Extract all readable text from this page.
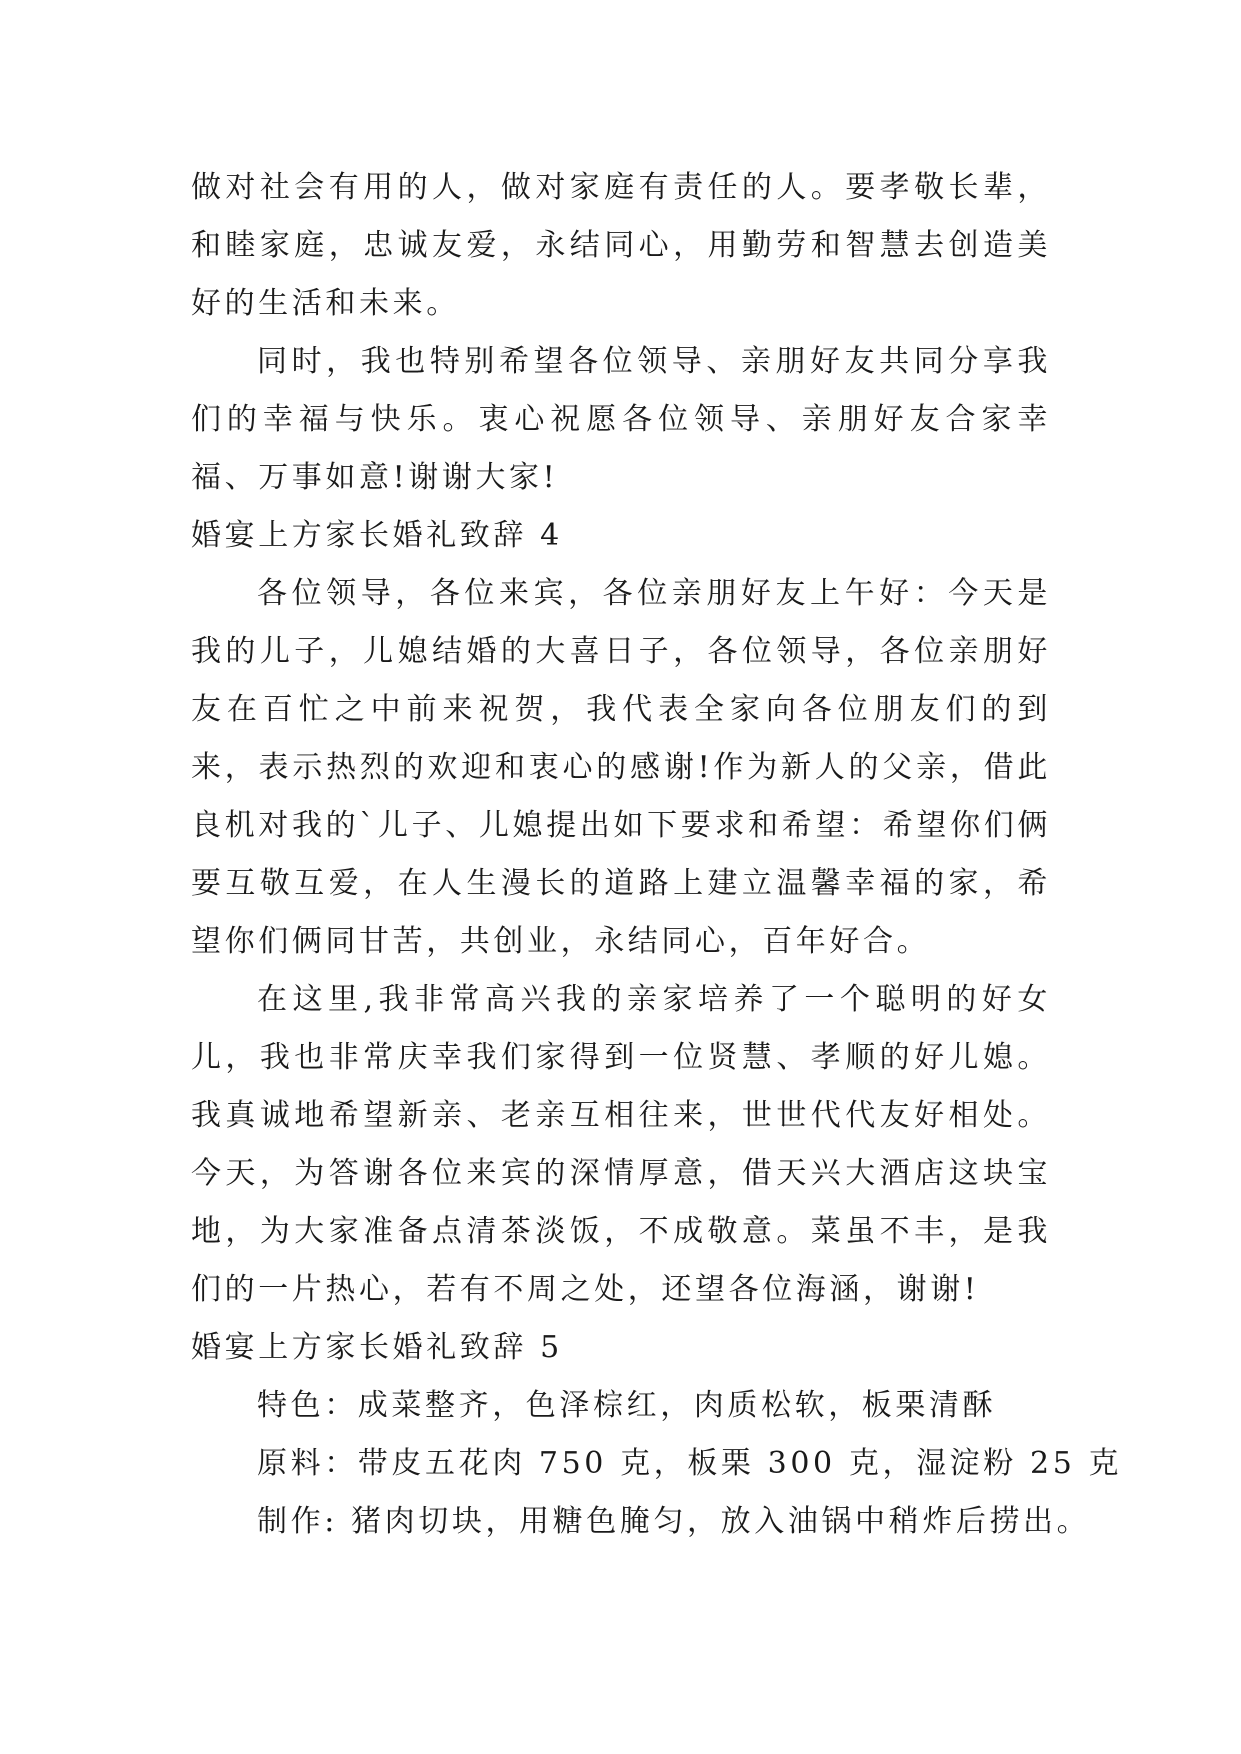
做对社会有用的人，做对家庭有责任的人。要孝敬长辈，和睦家庭，忠诚友爱，永结同心，用勤劳和智慧去创造美好的生活和未来。

同时，我也特别希望各位领导、亲朋好友共同分享我们的幸福与快乐。衷心祝愿各位领导、亲朋好友合家幸福、万事如意!谢谢大家!

婚宴上方家长婚礼致辞 4

各位领导，各位来宾，各位亲朋好友上午好：今天是我的儿子，儿媳结婚的大喜日子，各位领导，各位亲朋好友在百忙之中前来祝贺，我代表全家向各位朋友们的到来，表示热烈的欢迎和衷心的感谢!作为新人的父亲，借此良机对我的`儿子、儿媳提出如下要求和希望：希望你们俩要互敬互爱，在人生漫长的道路上建立温馨幸福的家，希望你们俩同甘苦，共创业，永结同心，百年好合。

在这里,我非常高兴我的亲家培养了一个聪明的好女儿，我也非常庆幸我们家得到一位贤慧、孝顺的好儿媳。我真诚地希望新亲、老亲互相往来，世世代代友好相处。今天，为答谢各位来宾的深情厚意，借天兴大酒店这块宝地，为大家准备点清茶淡饭，不成敬意。菜虽不丰，是我们的一片热心，若有不周之处，还望各位海涵，谢谢!

婚宴上方家长婚礼致辞 5

特色：成菜整齐，色泽棕红，肉质松软，板栗清酥

原料：带皮五花肉 750 克，板栗 300 克，湿淀粉 25 克

制作: 猪肉切块，用糖色腌匀，放入油锅中稍炸后捞出。
